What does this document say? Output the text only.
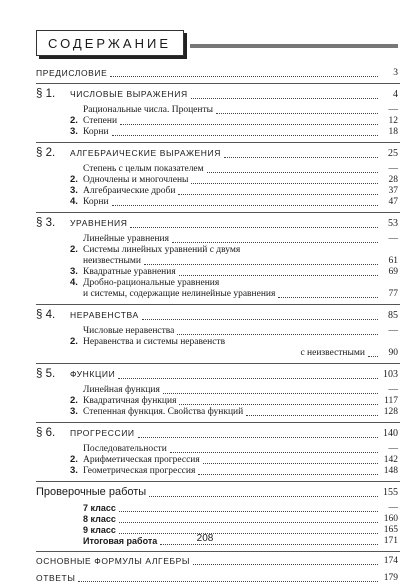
СОДЕРЖАНИЕ
ПРЕДИСЛОВИЕ	3
§ 1. ЧИСЛОВЫЕ ВЫРАЖЕНИЯ	4
Рациональные числа. Проценты	—
2. Степени	12
3. Корни	18
§ 2. АЛГЕБРАИЧЕСКИЕ ВЫРАЖЕНИЯ	25
Степень с целым показателем	—
2. Одночлены и многочлены	28
3. Алгебраические дроби	37
4. Корни	47
§ 3. УРАВНЕНИЯ	53
Линейные уравнения	—
2. Системы линейных уравнений с двумя
неизвестными	61
3. Квадратные уравнения	69
4. Дробно-рациональные уравнения
и системы, содержащие нелинейные уравнения	77
§ 4. НЕРАВЕНСТВА	85
Числовые неравенства	—
2. Неравенства и системы неравенств
с неизвестными	90
§ 5. ФУНКЦИИ	103
Линейная функция	—
2. Квадратичная функция	117
3. Степенная функция. Свойства функций	128
§ 6. ПРОГРЕССИИ	140
Последовательности	—
2. Арифметическая прогрессия	142
3. Геометрическая прогрессия	148
Проверочные работы	155
7 класс	—
8 класс	160
9 класс	165
Итоговая работа	171
ОСНОВНЫЕ ФОРМУЛЫ АЛГЕБРЫ	174
ОТВЕТЫ	179
208
